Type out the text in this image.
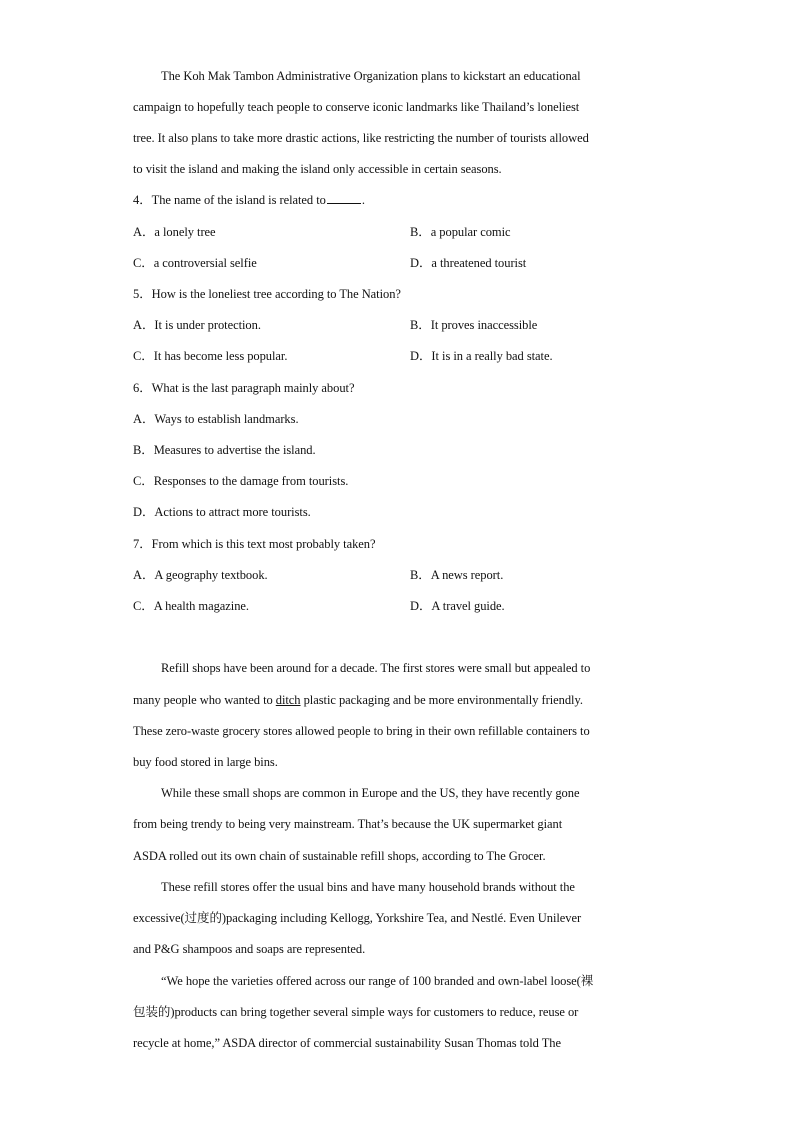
The Koh Mak Tambon Administrative Organization plans to kickstart an educational
campaign to hopefully teach people to conserve iconic landmarks like Thailand’s loneliest
tree. It also plans to take more drastic actions, like restricting the number of tourists allowed
to visit the island and making the island only accessible in certain seasons.
4．The name of the island is related to	.
A．a lonely tree	B．a popular comic
C．a controversial selfie	D．a threatened tourist
5．How is the loneliest tree according to The Nation?
A．It is under protection.	B．It proves inaccessible
C．It has become less popular.	D．It is in a really bad state.
6．What is the last paragraph mainly about?
A．Ways to establish landmarks.
B．Measures to advertise the island.
C．Responses to the damage from tourists.
D．Actions to attract more tourists.
7．From which is this text most probably taken?
A．A geography textbook.	B．A news report.
C．A health magazine.	D．A travel guide.
Refill shops have been around for a decade. The first stores were small but appealed to
many people who wanted to ditch plastic packaging and be more environmentally friendly.
These zero-waste grocery stores allowed people to bring in their own refillable containers to
buy food stored in large bins.
While these small shops are common in Europe and the US, they have recently gone
from being trendy to being very mainstream. That’s because the UK supermarket giant
ASDA rolled out its own chain of sustainable refill shops, according to The Grocer.
These refill stores offer the usual bins and have many household brands without the
excessive(过度的)packaging including Kellogg, Yorkshire Tea, and Nestlé. Even Unilever
and P&G shampoos and soaps are represented.
“We hope the varieties offered across our range of 100 branded and own-label loose(裸
包装的)products can bring together several simple ways for customers to reduce, reuse or
recycle at home,” ASDA director of commercial sustainability Susan Thomas told The
